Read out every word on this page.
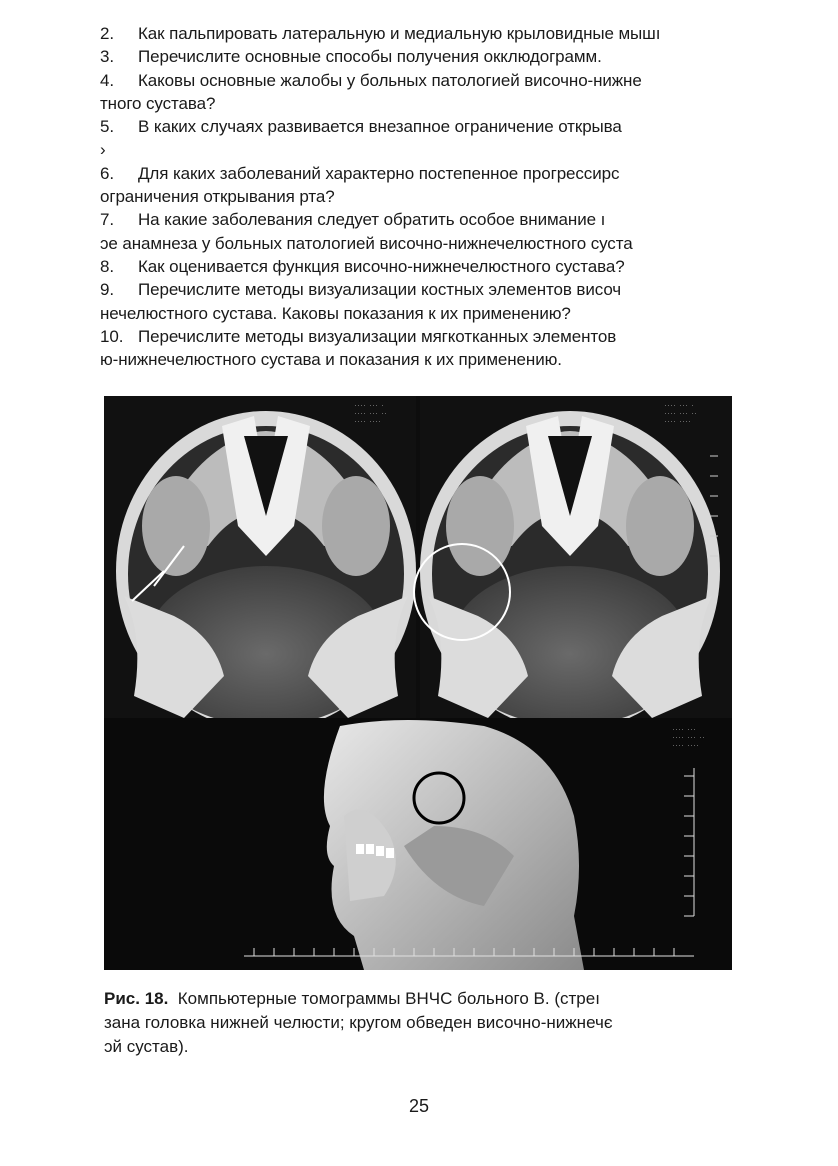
2. Как пальпировать латеральную и медиальную крыловидные мышı
3. Перечислите основные способы получения окклюдограмм.
4. Каковы основные жалобы у больных патологией височно-нижне
тного сустава?
5. В каких случаях развивается внезапное ограничение открыва
›
6. Для каких заболеваний характерно постепенное прогрессирс
ограничения открывания рта?
7. На какие заболевания следует обратить особое внимание ı
ɔe анамнеза у больных патологией височно-нижнечелюстного суста
8. Как оценивается функция височно-нижнечелюстного сустава?
9. Перечислите методы визуализации костных элементов височ
нечелюстного сустава. Каковы показания к их применению?
10. Перечислите методы визуализации мягкотканных элементов
ю-нижнечелюстного сустава и показания к их применению.
.... ... .
.... ... ..
.... ....
.... ... .
.... ... ..
.... ....
.... ...
.... ... ..
.... ....
Рис. 18. Компьютерные томограммы ВНЧС больного В. (стреı
зана головка нижней челюсти; кругом обведен височно-нижнечє
ɔй сустав).
25
